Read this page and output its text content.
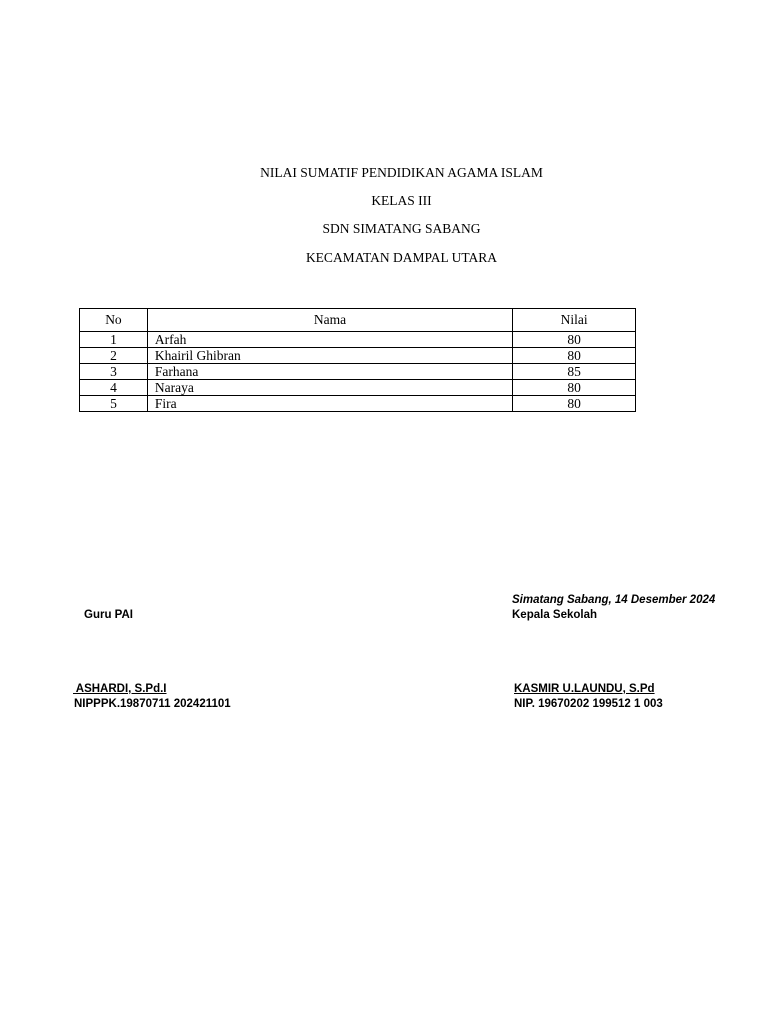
NILAI SUMATIF PENDIDIKAN AGAMA ISLAM
KELAS III
SDN SIMATANG SABANG
KECAMATAN DAMPAL UTARA
No	Nama	Nilai
1	Arfah	80
2	Khairil Ghibran	80
3	Farhana	85
4	Naraya	80
5	Fira	80
Simatang Sabang, 14 Desember 2024
Guru PAI	Kepala Sekolah
ASHARDI, S.Pd.I	KASMIR U.LAUNDU, S.Pd
NIPPPK.19870711 202421101	NIP. 19670202 199512 1 003
